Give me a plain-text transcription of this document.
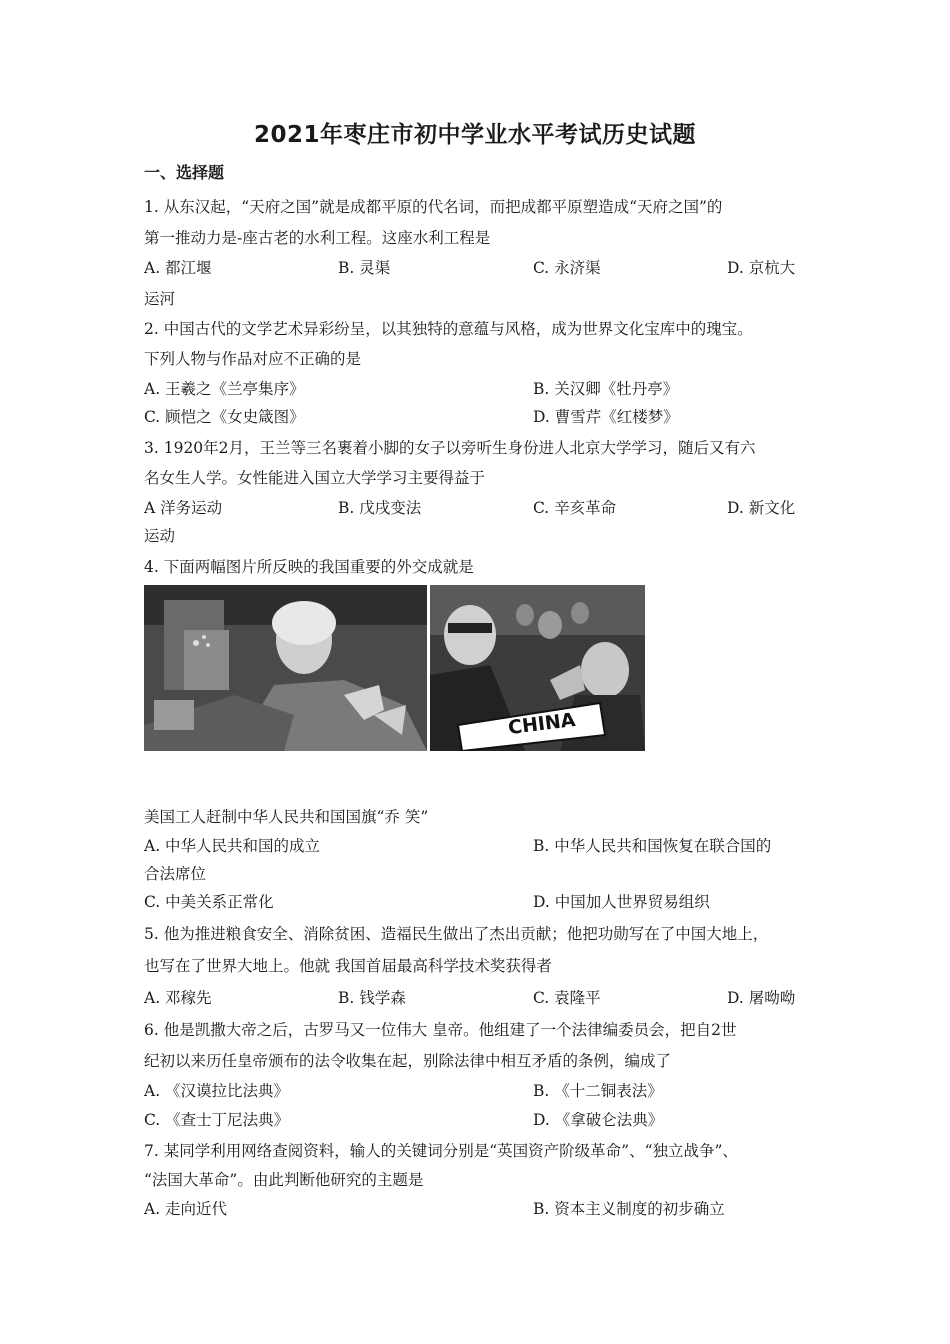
2021年枣庄市初中学业水平考试历史试题
一、选择题
1. 从东汉起，“天府之国”就是成都平原的代名词，而把成都平原塑造成“天府之国”的
第一推动力是-座古老的水利工程。这座水利工程是
A. 都江堰	B. 灵渠	C. 永济渠	D. 京杭大
运河
2. 中国古代的文学艺术异彩纷呈，以其独特的意蕴与风格，成为世界文化宝库中的瑰宝。
下列人物与作品对应不正确的是
A. 王羲之《兰亭集序》	B. 关汉卿《牡丹亭》
C. 顾恺之《女史箴图》	D. 曹雪芹《红楼梦》
3. 1920年2月，王兰等三名裹着小脚的女子以旁听生身份进人北京大学学习，随后又有六
名女生人学。女性能进入国立大学学习主要得益于
A 洋务运动	B. 戊戌变法	C. 辛亥革命	D. 新文化
运动
4. 下面两幅图片所反映的我国重要的外交成就是
CHINA
美国工人赶制中华人民共和国国旗“乔 笑”
A. 中华人民共和国的成立	B. 中华人民共和国恢复在联合国的
合法席位
C. 中美关系正常化	D. 中国加人世界贸易组织
5. 他为推进粮食安全、消除贫困、造福民生做出了杰出贡献；他把功勋写在了中国大地上，
也写在了世界大地上。他就 我国首届最高科学技术奖获得者
A. 邓稼先	B. 钱学森	C. 袁隆平	D. 屠呦呦
6. 他是凯撒大帝之后，古罗马又一位伟大 皇帝。他组建了一个法律编委员会，把自2世
纪初以来历任皇帝颁布的法令收集在起，别除法律中相互矛盾的条例，编成了
A. 《汉谟拉比法典》	B. 《十二铜表法》
C. 《查士丁尼法典》	D. 《拿破仑法典》
7. 某同学利用网络查阅资料，输人的关键词分别是“英国资产阶级革命”、“独立战争”、
“法国大革命”。由此判断他研究的主题是
A. 走向近代	B. 资本主义制度的初步确立
